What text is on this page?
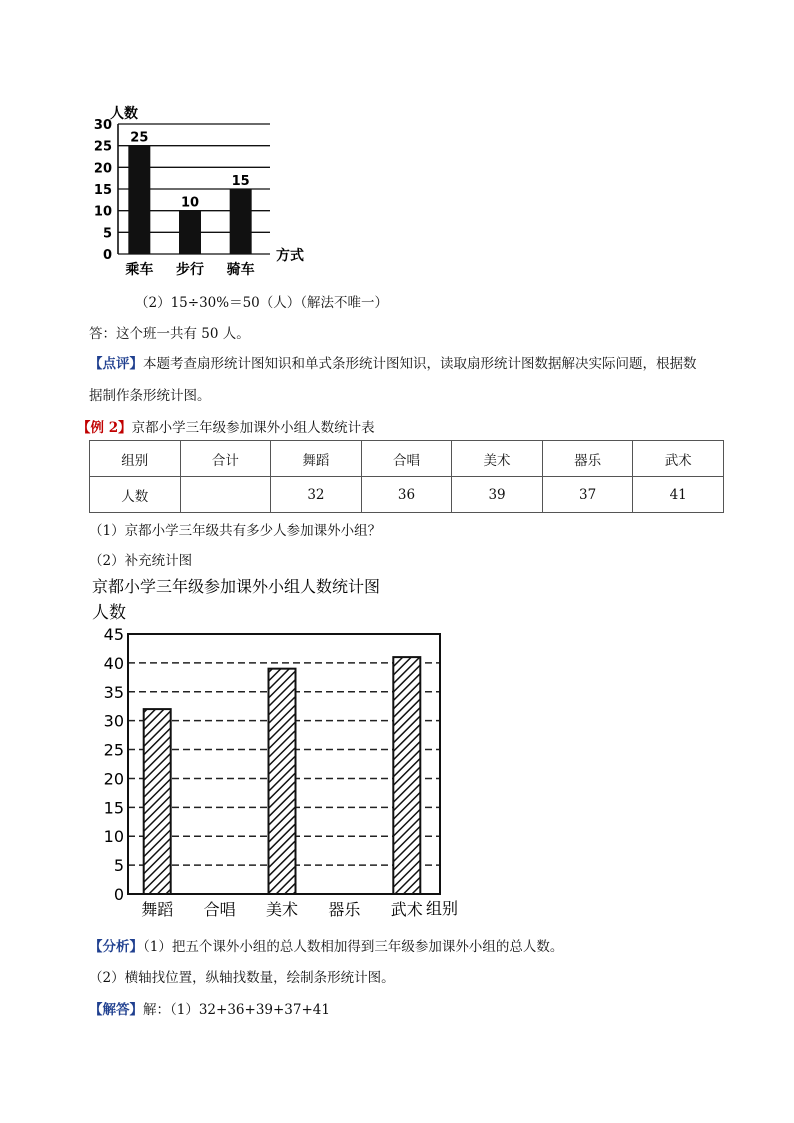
25
10
15
0
5
10
15
20
25
30
乘车 步行 骑车
人数
方式
（2）15÷30%＝50（人）（解法不唯一）
答：这个班一共有 50 人。
【点评】本题考查扇形统计图知识和单式条形统计图知识，读取扇形统计图数据解决实际问题，根据数
据制作条形统计图。
【例 2】京都小学三年级参加课外小组人数统计表
组别	合计	舞蹈	合唱	美术	器乐	武术
人数		32	36	39	37	41
（1）京都小学三年级共有多少人参加课外小组？
（2）补充统计图
京都小学三年级参加课外小组人数统计图
人数
0
5
10
15
20
25
30
35
40
45
舞蹈 合唱 美术 器乐 武术 组别
【分析】（1）把五个课外小组的总人数相加得到三年级参加课外小组的总人数。
（2）横轴找位置，纵轴找数量，绘制条形统计图。
【解答】解：（1）32+36+39+37+41
